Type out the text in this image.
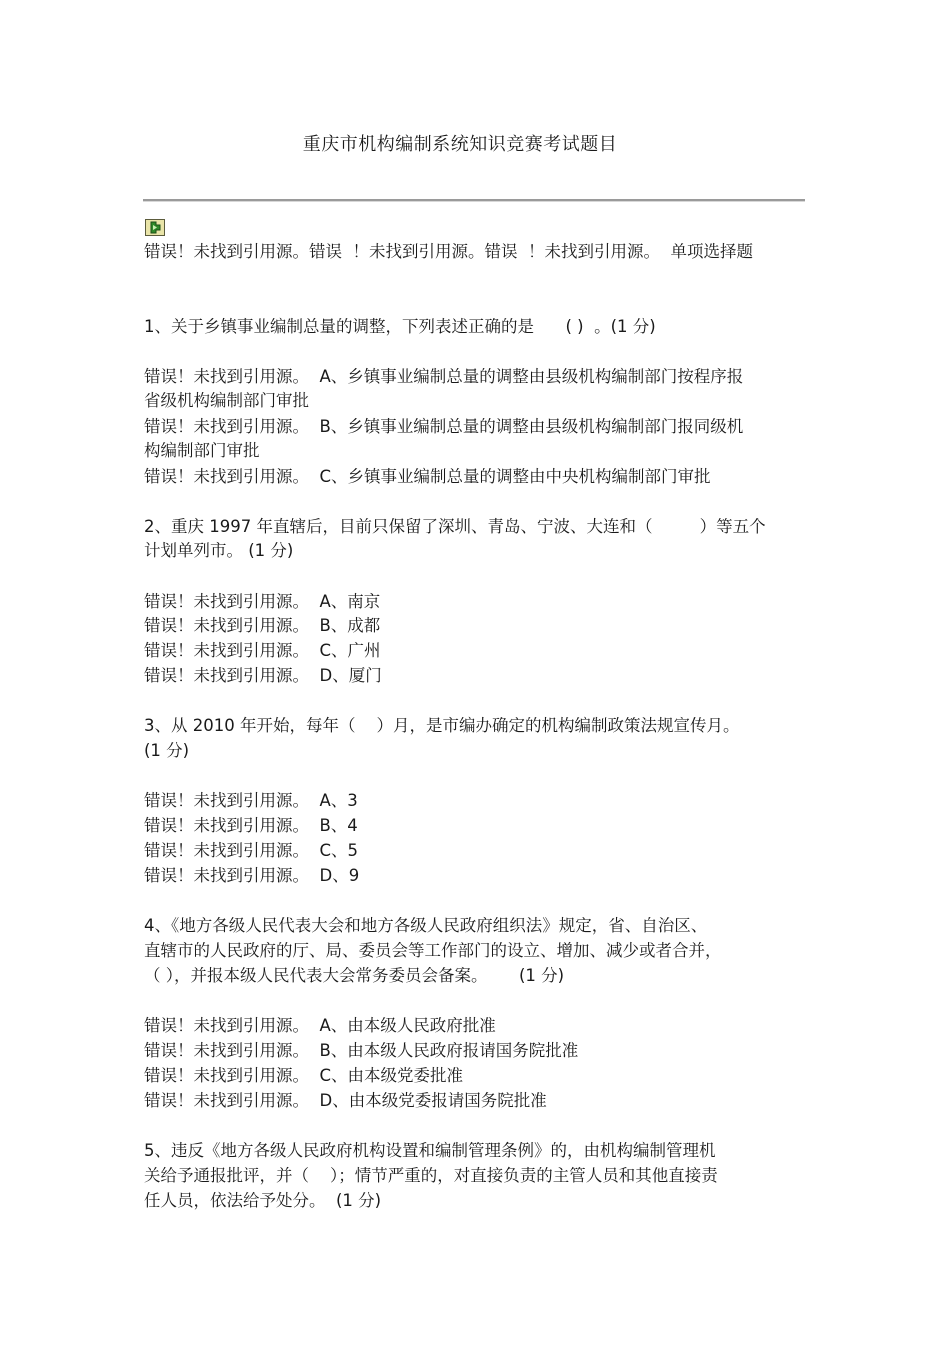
重庆市机构编制系统知识竞赛考试题目
错误！未找到引用源。错误  ！未找到引用源。错误  ！未找到引用源。  单项选择题
1、关于乡镇事业编制总量的调整，下列表述正确的是      ( )  。(1 分)
错误！未找到引用源。  A、乡镇事业编制总量的调整由县级机构编制部门按程序报
省级机构编制部门审批
错误！未找到引用源。  B、乡镇事业编制总量的调整由县级机构编制部门报同级机
构编制部门审批
错误！未找到引用源。  C、乡镇事业编制总量的调整由中央机构编制部门审批
2、重庆 1997 年直辖后，目前只保留了深圳、青岛、宁波、大连和（         ）等五个
计划单列市。 (1 分)
错误！未找到引用源。  A、南京
错误！未找到引用源。  B、成都
错误！未找到引用源。  C、广州
错误！未找到引用源。  D、厦门
3、从 2010 年开始，每年（    ）月，是市编办确定的机构编制政策法规宣传月。
(1 分)
错误！未找到引用源。  A、3
错误！未找到引用源。  B、4
错误！未找到引用源。  C、5
错误！未找到引用源。  D、9
4、《地方各级人民代表大会和地方各级人民政府组织法》规定，省、自治区、
直辖市的人民政府的厅、局、委员会等工作部门的设立、增加、减少或者合并，
（ ），并报本级人民代表大会常务委员会备案。      (1 分)
错误！未找到引用源。  A、由本级人民政府批准
错误！未找到引用源。  B、由本级人民政府报请国务院批准
错误！未找到引用源。  C、由本级党委批准
错误！未找到引用源。  D、由本级党委报请国务院批准
5、违反《地方各级人民政府机构设置和编制管理条例》的，由机构编制管理机
关给予通报批评，并（    ）；情节严重的，对直接负责的主管人员和其他直接责
任人员，依法给予处分。  (1 分)
